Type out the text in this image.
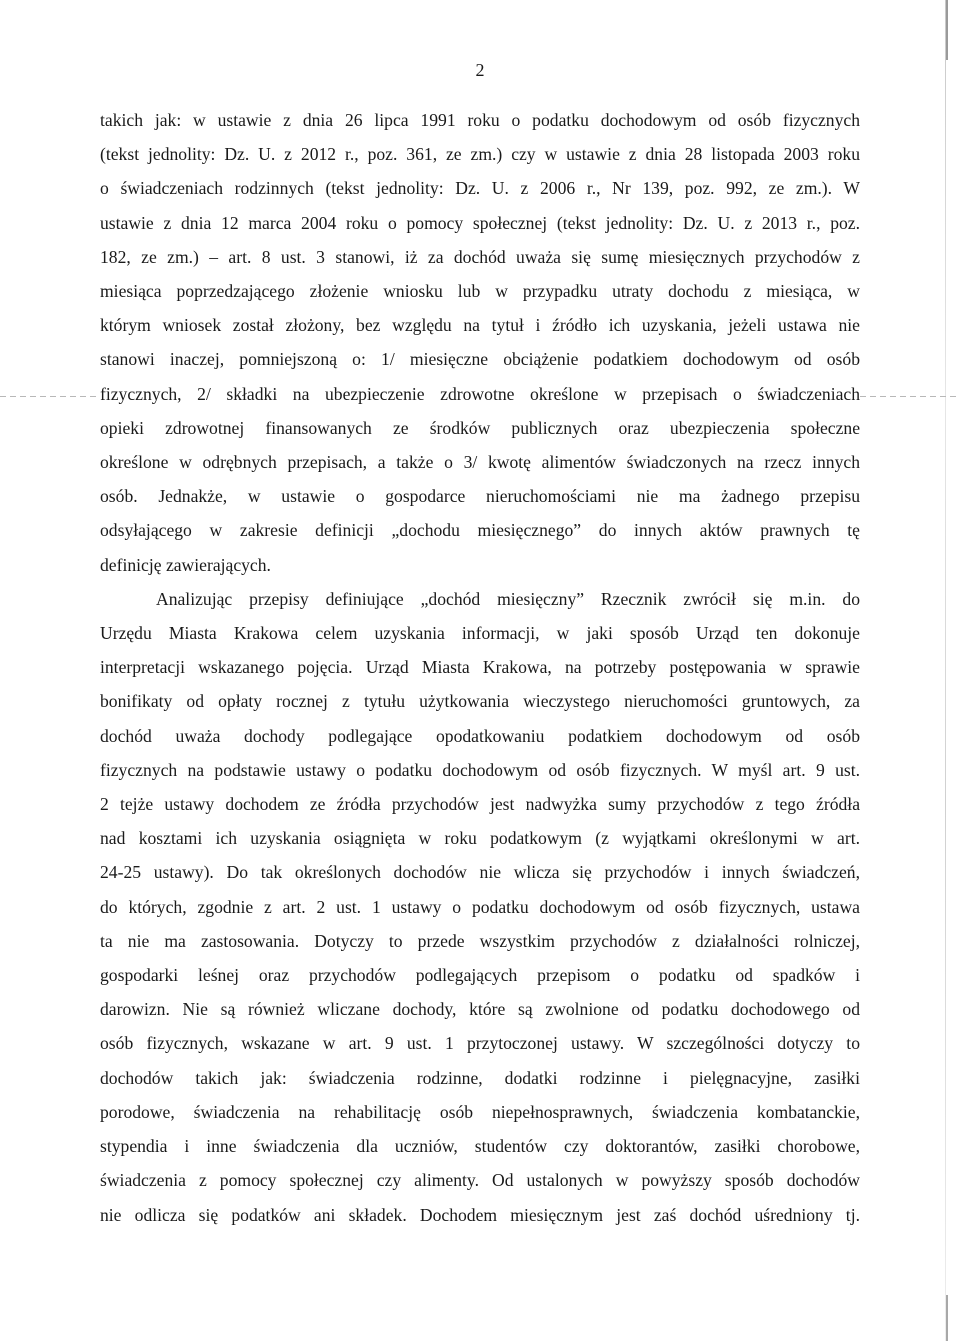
2
takich jak: w ustawie z dnia 26 lipca 1991 roku o podatku dochodowym od osób fizycznych
(tekst jednolity: Dz. U. z 2012 r., poz. 361, ze zm.) czy w ustawie z dnia 28 listopada 2003 roku
o świadczeniach rodzinnych (tekst jednolity: Dz. U. z 2006 r., Nr 139, poz. 992, ze zm.). W
ustawie z dnia 12 marca 2004 roku o pomocy społecznej (tekst jednolity: Dz. U. z 2013 r., poz.
182, ze zm.) – art. 8 ust. 3 stanowi, iż za dochód uważa się sumę miesięcznych przychodów z
miesiąca poprzedzającego złożenie wniosku lub w przypadku utraty dochodu z miesiąca, w
którym wniosek został złożony, bez względu na tytuł i źródło ich uzyskania, jeżeli ustawa nie
stanowi inaczej, pomniejszoną o: 1/ miesięczne obciążenie podatkiem dochodowym od osób
fizycznych, 2/ składki na ubezpieczenie zdrowotne określone w przepisach o świadczeniach
opieki zdrowotnej finansowanych ze środków publicznych oraz ubezpieczenia społeczne
określone w odrębnych przepisach, a także o 3/ kwotę alimentów świadczonych na rzecz innych
osób. Jednakże, w ustawie o gospodarce nieruchomościami nie ma żadnego przepisu
odsyłającego w zakresie definicji „dochodu miesięcznego” do innych aktów prawnych tę
definicję zawierających.
Analizując przepisy definiujące „dochód miesięczny” Rzecznik zwrócił się m.in. do
Urzędu Miasta Krakowa celem uzyskania informacji, w jaki sposób Urząd ten dokonuje
interpretacji wskazanego pojęcia. Urząd Miasta Krakowa, na potrzeby postępowania w sprawie
bonifikaty od opłaty rocznej z tytułu użytkowania wieczystego nieruchomości gruntowych, za
dochód uważa dochody podlegające opodatkowaniu podatkiem dochodowym od osób
fizycznych na podstawie ustawy o podatku dochodowym od osób fizycznych. W myśl art. 9 ust.
2 tejże ustawy dochodem ze źródła przychodów jest nadwyżka sumy przychodów z tego źródła
nad kosztami ich uzyskania osiągnięta w roku podatkowym (z wyjątkami określonymi w art.
24-25 ustawy). Do tak określonych dochodów nie wlicza się przychodów i innych świadczeń,
do których, zgodnie z art. 2 ust. 1 ustawy o podatku dochodowym od osób fizycznych, ustawa
ta nie ma zastosowania. Dotyczy to przede wszystkim przychodów z działalności rolniczej,
gospodarki leśnej oraz przychodów podlegających przepisom o podatku od spadków i
darowizn. Nie są również wliczane dochody, które są zwolnione od podatku dochodowego od
osób fizycznych, wskazane w art. 9 ust. 1 przytoczonej ustawy. W szczególności dotyczy to
dochodów takich jak: świadczenia rodzinne, dodatki rodzinne i pielęgnacyjne, zasiłki
porodowe, świadczenia na rehabilitację osób niepełnosprawnych, świadczenia kombatanckie,
stypendia i inne świadczenia dla uczniów, studentów czy doktorantów, zasiłki chorobowe,
świadczenia z pomocy społecznej czy alimenty. Od ustalonych w powyższy sposób dochodów
nie odlicza się podatków ani składek. Dochodem miesięcznym jest zaś dochód uśredniony tj.
